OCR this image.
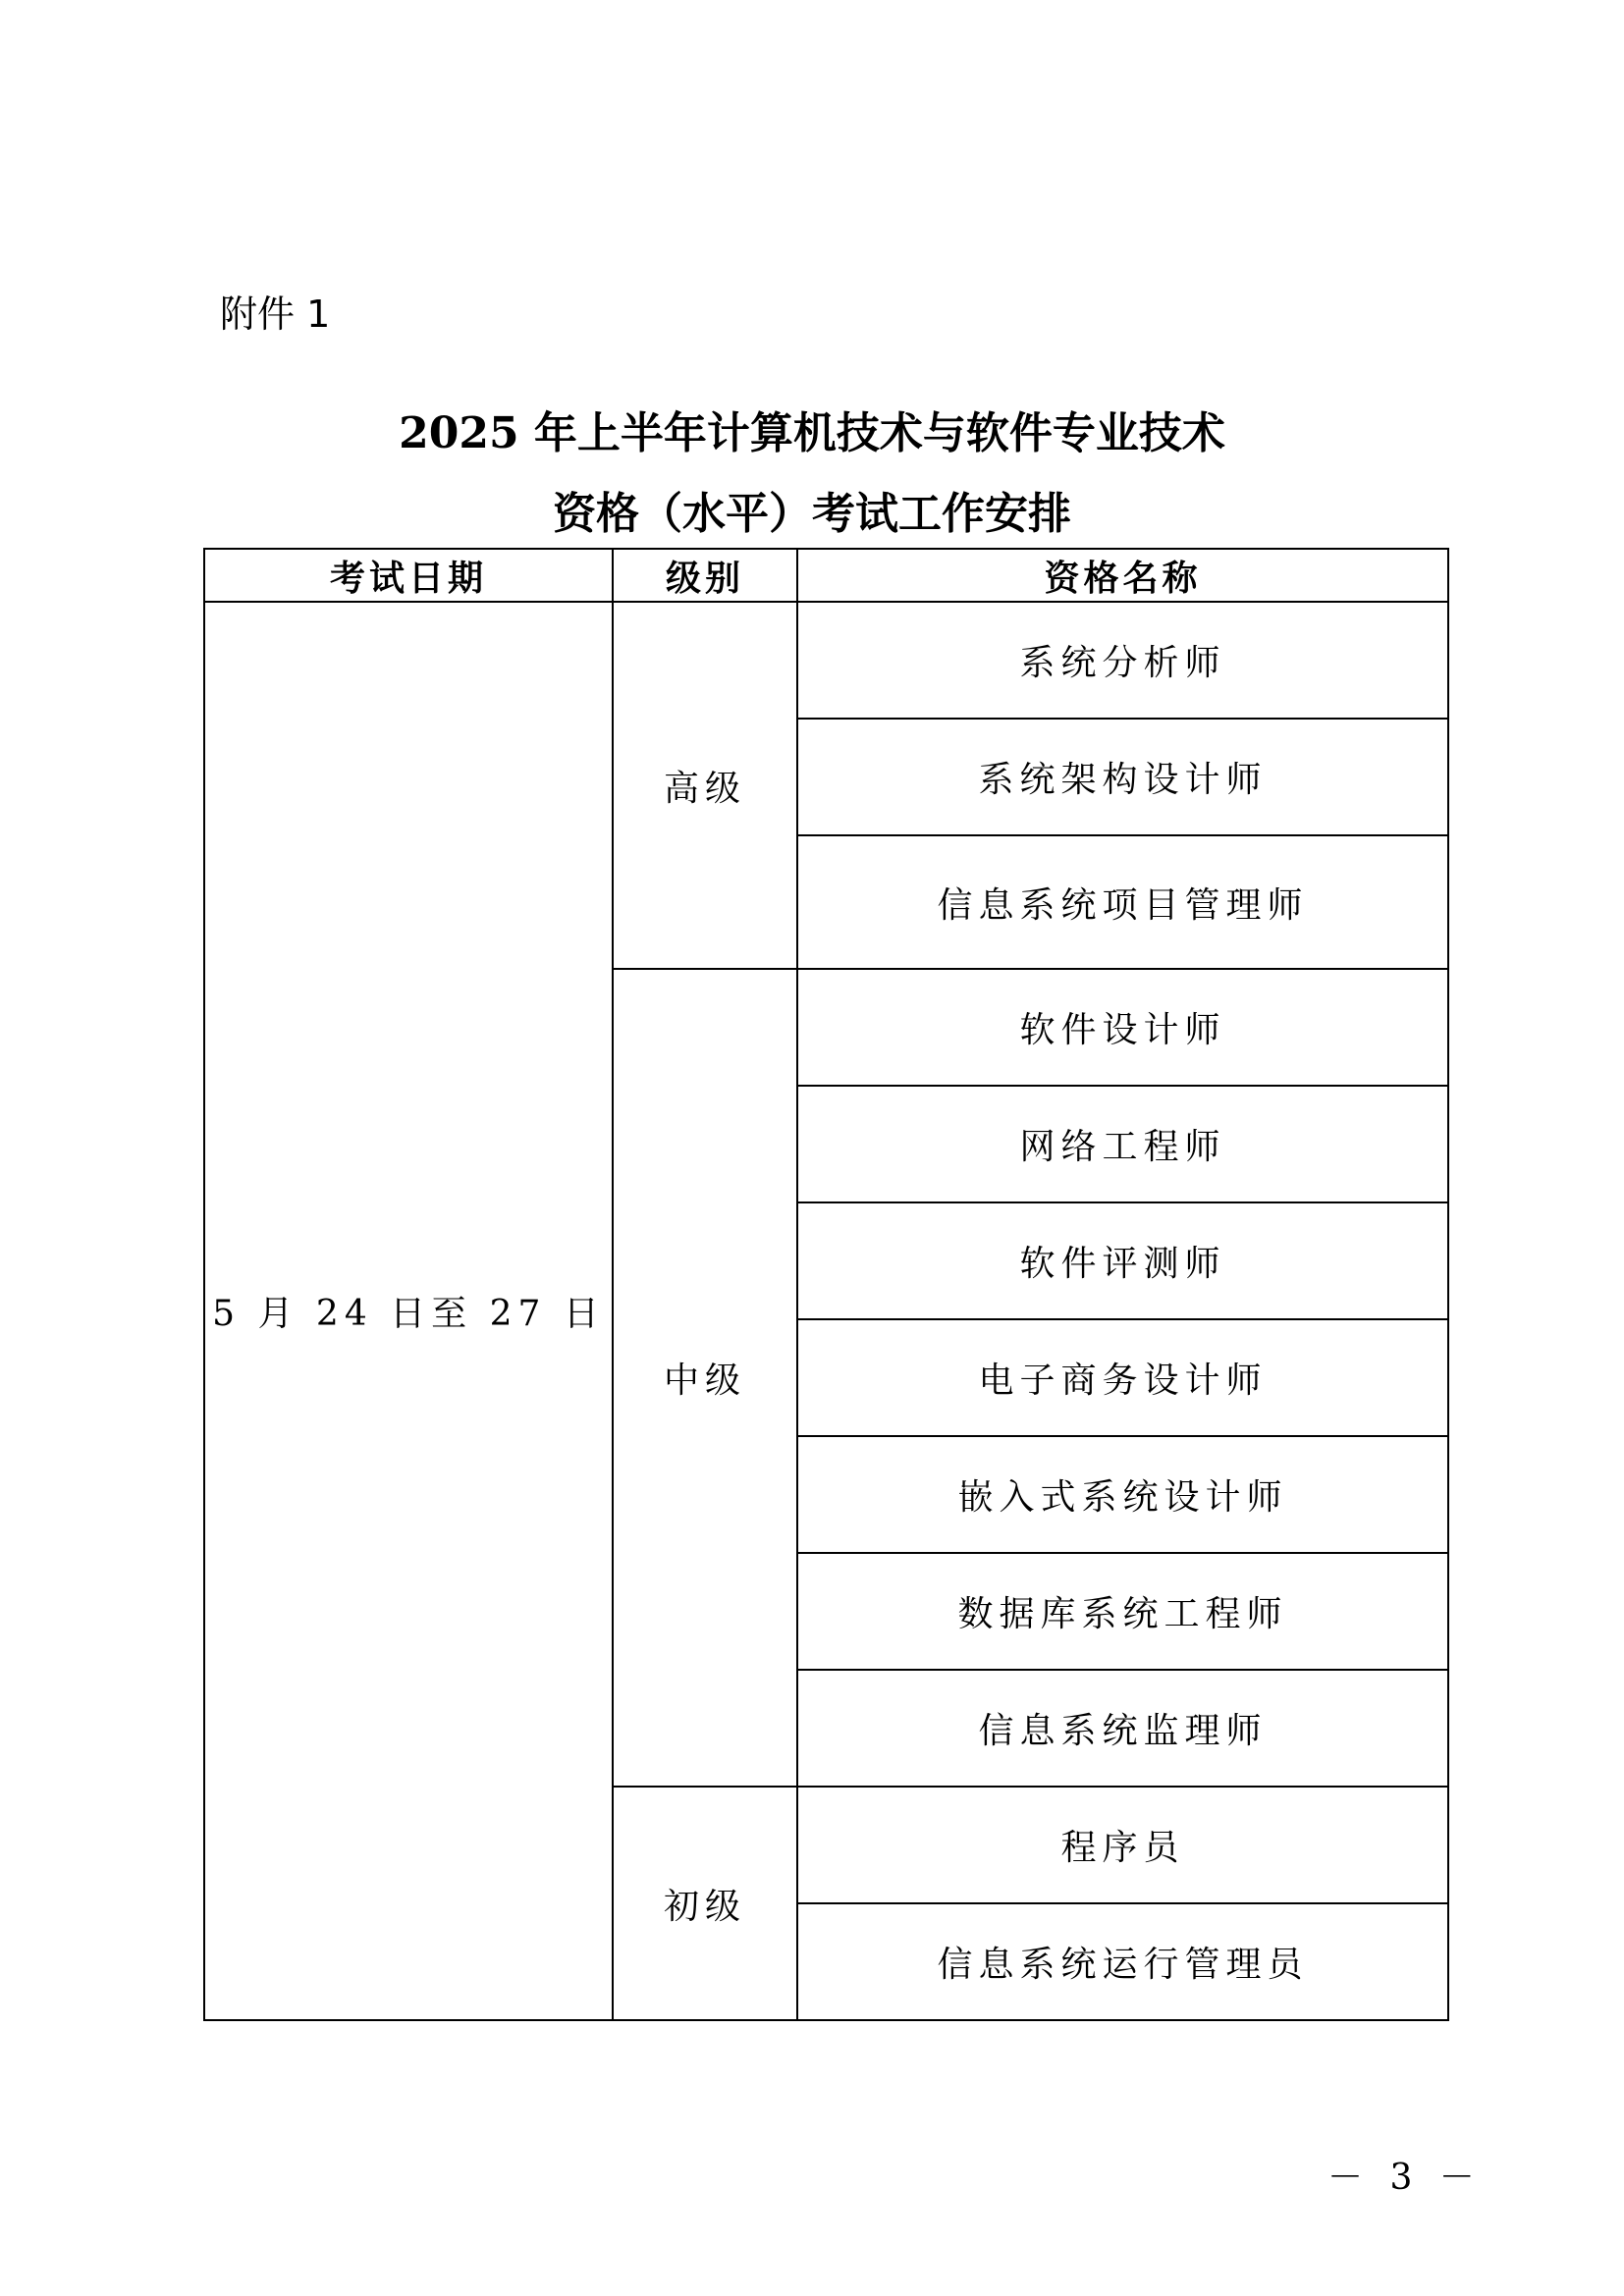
附件 1
2025 年上半年计算机技术与软件专业技术
资格（水平）考试工作安排
考试日期	级别	资格名称
5 月 24 日至 27 日	高级	系统分析师
		系统架构设计师
		信息系统项目管理师
	中级	软件设计师
		网络工程师
		软件评测师
		电子商务设计师
		嵌入式系统设计师
		数据库系统工程师
		信息系统监理师
	初级	程序员
		信息系统运行管理员
－ 3 －
